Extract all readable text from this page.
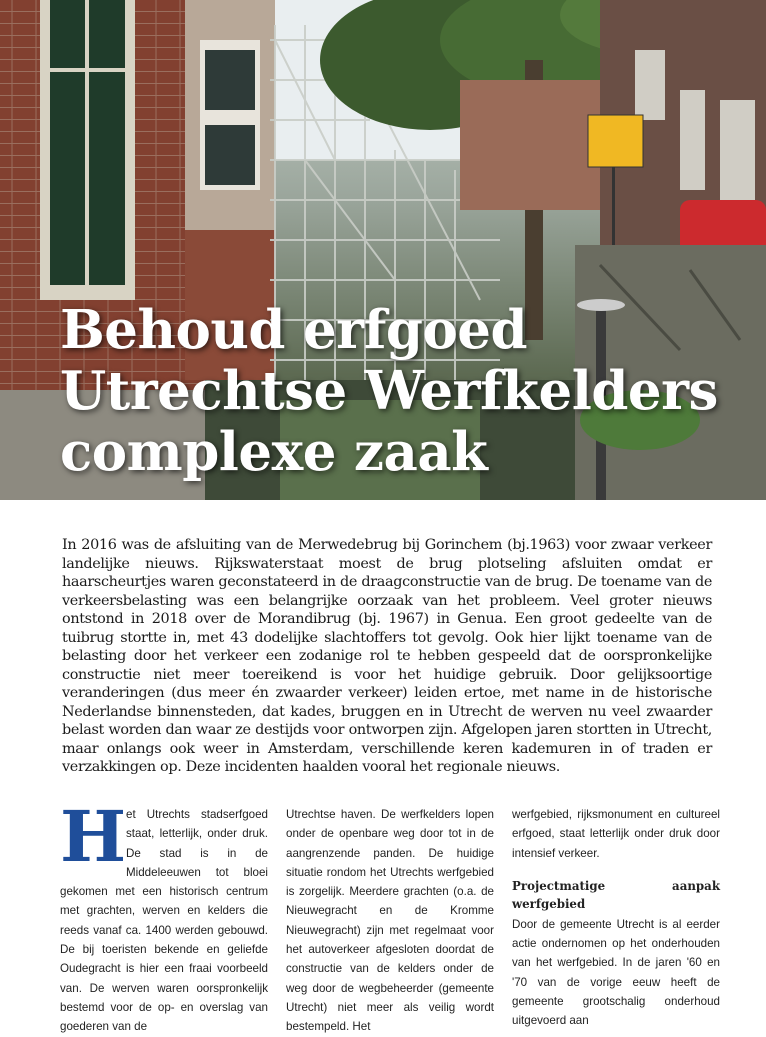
Behoud erfgoed
Utrechtse Werfkelders
complexe zaak

In 2016 was de afsluiting van de Merwedebrug bij Gorinchem (bj.1963) voor zwaar verkeer landelijke nieuws. Rijkswaterstaat moest de brug plotseling afsluiten omdat er haarscheurtjes waren geconstateerd in de draagconstructie van de brug. De toename van de verkeersbelasting was een belangrijke oorzaak van het probleem. Veel groter nieuws ontstond in 2018 over de Morandibrug (bj. 1967) in Genua. Een groot gedeelte van de tuibrug stortte in, met 43 dodelijke slachtoffers tot gevolg. Ook hier lijkt toename van de belasting door het verkeer een zodanige rol te hebben gespeeld dat de oorspronkelijke constructie niet meer toereikend is voor het huidige gebruik. Door gelijksoortige veranderingen (dus meer én zwaarder verkeer) leiden ertoe, met name in de historische Nederlandse binnensteden, dat kades, bruggen en in Utrecht de werven nu veel zwaarder belast worden dan waar ze destijds voor ontworpen zijn. Afgelopen jaren stortten in Utrecht, maar onlangs ook weer in Amsterdam, verschillende keren kademuren in of traden er verzakkingen op. Deze incidenten haalden vooral het regionale nieuws.

H et Utrechts stadserfgoed staat, letterlijk, onder druk. De stad is in de Middeleeuwen tot bloei gekomen met een historisch centrum met grachten, werven en kelders die reeds vanaf ca. 1400 werden gebouwd. De bij toeristen bekende en geliefde Oudegracht is hier een fraai voorbeeld van. De werven waren oorspronkelijk bestemd voor de op- en overslag van goederen van de

Utrechtse haven. De werfkelders lopen onder de openbare weg door tot in de aangrenzende panden. De huidige situatie rondom het Utrechts werfgebied is zorgelijk. Meerdere grachten (o.a. de Nieuwegracht en de Kromme Nieuwegracht) zijn met regelmaat voor het autoverkeer afgesloten doordat de constructie van de kelders onder de weg door de wegbeheerder (gemeente Utrecht) niet meer als veilig wordt bestempeld. Het

werfgebied, rijksmonument en cultureel erfgoed, staat letterlijk onder druk door intensief verkeer.

Projectmatige aanpak werfgebied

Door de gemeente Utrecht is al eerder actie ondernomen op het onderhouden van het werfgebied. In de jaren '60 en '70 van de vorige eeuw heeft de gemeente grootschalig onderhoud uitgevoerd aan
